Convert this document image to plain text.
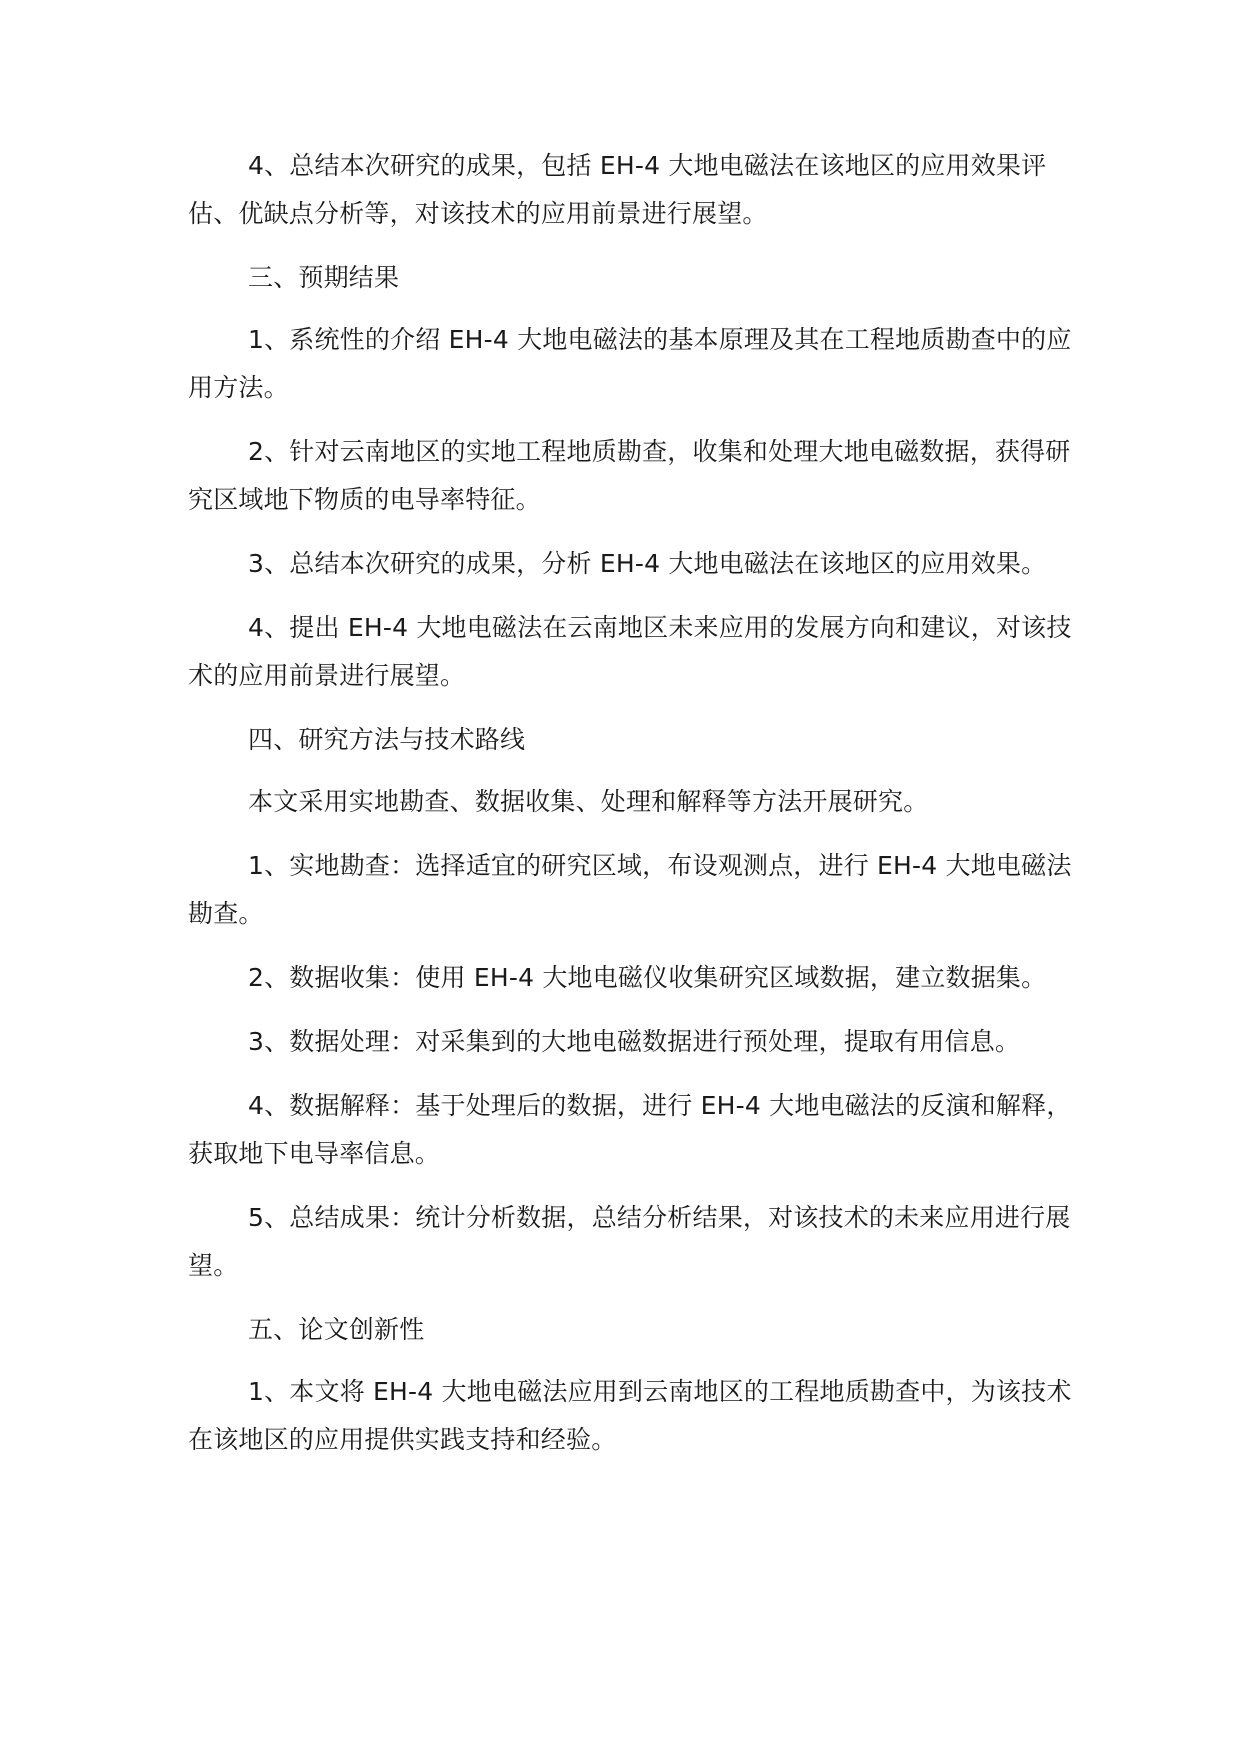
4、总结本次研究的成果，包括 EH-4 大地电磁法在该地区的应用效果评估、优缺点分析等，对该技术的应用前景进行展望。

三、预期结果

1、系统性的介绍 EH-4 大地电磁法的基本原理及其在工程地质勘查中的应用方法。

2、针对云南地区的实地工程地质勘查，收集和处理大地电磁数据，获得研究区域地下物质的电导率特征。

3、总结本次研究的成果，分析 EH-4 大地电磁法在该地区的应用效果。

4、提出 EH-4 大地电磁法在云南地区未来应用的发展方向和建议，对该技术的应用前景进行展望。

四、研究方法与技术路线

本文采用实地勘查、数据收集、处理和解释等方法开展研究。

1、实地勘查：选择适宜的研究区域，布设观测点，进行 EH-4 大地电磁法勘查。

2、数据收集：使用 EH-4 大地电磁仪收集研究区域数据，建立数据集。

3、数据处理：对采集到的大地电磁数据进行预处理，提取有用信息。

4、数据解释：基于处理后的数据，进行 EH-4 大地电磁法的反演和解释，获取地下电导率信息。

5、总结成果：统计分析数据，总结分析结果，对该技术的未来应用进行展望。

五、论文创新性

1、本文将 EH-4 大地电磁法应用到云南地区的工程地质勘查中，为该技术在该地区的应用提供实践支持和经验。
